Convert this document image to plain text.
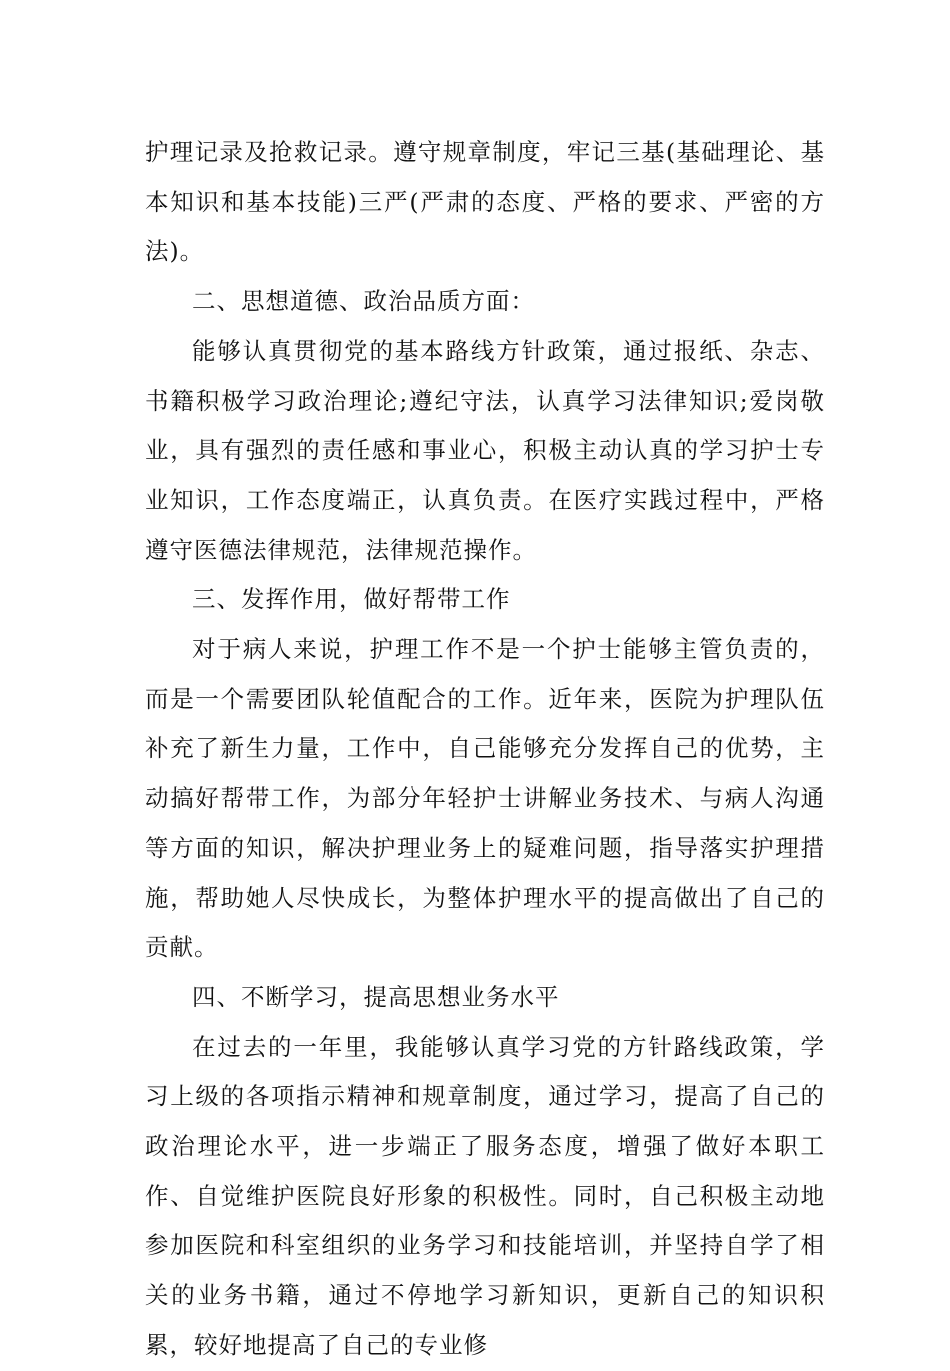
护理记录及抢救记录。遵守规章制度，牢记三基(基础理论、基本知识和基本技能)三严(严肃的态度、严格的要求、严密的方法)。

二、思想道德、政治品质方面：

能够认真贯彻党的基本路线方针政策，通过报纸、杂志、书籍积极学习政治理论;遵纪守法，认真学习法律知识;爱岗敬业，具有强烈的责任感和事业心，积极主动认真的学习护士专业知识，工作态度端正，认真负责。在医疗实践过程中，严格遵守医德法律规范，法律规范操作。

三、发挥作用，做好帮带工作

对于病人来说，护理工作不是一个护士能够主管负责的，而是一个需要团队轮值配合的工作。近年来，医院为护理队伍补充了新生力量，工作中，自己能够充分发挥自己的优势，主动搞好帮带工作，为部分年轻护士讲解业务技术、与病人沟通等方面的知识，解决护理业务上的疑难问题，指导落实护理措施，帮助她人尽快成长，为整体护理水平的提高做出了自己的贡献。

四、不断学习，提高思想业务水平

在过去的一年里，我能够认真学习党的方针路线政策，学习上级的各项指示精神和规章制度，通过学习，提高了自己的政治理论水平，进一步端正了服务态度，增强了做好本职工作、自觉维护医院良好形象的积极性。同时，自己积极主动地参加医院和科室组织的业务学习和技能培训，并坚持自学了相关的业务书籍，通过不停地学习新知识，更新自己的知识积累，较好地提高了自己的专业修
